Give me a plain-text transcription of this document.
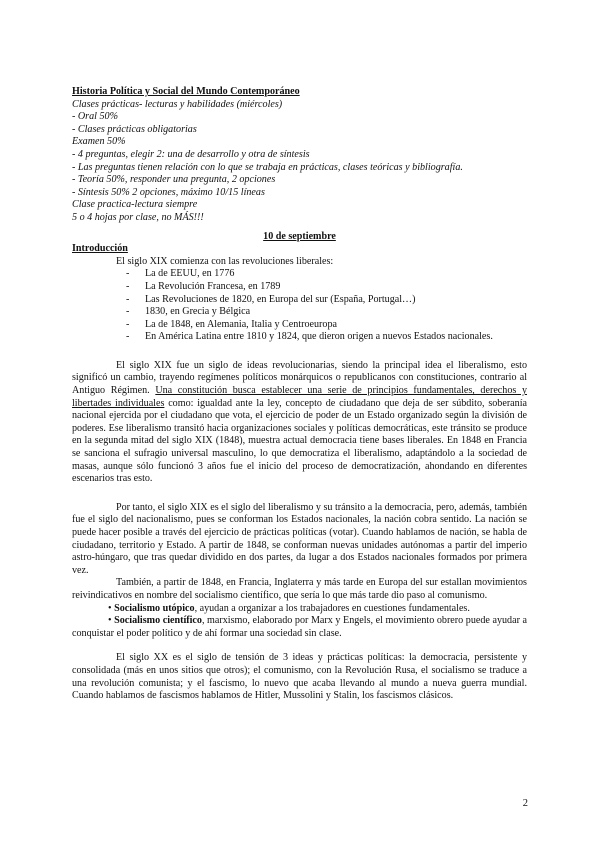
Historia Política y Social del Mundo Contemporáneo
Clases prácticas- lecturas y habilidades (miércoles)
- Oral 50%
- Clases prácticas obligatorias
Examen 50%
- 4 preguntas, elegir 2: una de desarrollo y otra de síntesis
- Las preguntas tienen relación con lo que se trabaja en prácticas, clases teóricas y bibliografía.
- Teoría 50%, responder una pregunta, 2 opciones
- Síntesis 50% 2 opciones, máximo 10/15 líneas
Clase practica-lectura siempre
5 o 4 hojas por clase, no MÁS!!!
10 de septiembre
Introducción
El siglo XIX comienza con las revoluciones liberales:
- La de EEUU, en 1776
- La Revolución Francesa, en 1789
- Las Revoluciones de 1820, en Europa del sur (España, Portugal…)
- 1830, en Grecia y Bélgica
- La de 1848, en Alemania, Italia y Centroeuropa
- En América Latina entre 1810 y 1824, que dieron origen a nuevos Estados nacionales.

El siglo XIX fue un siglo de ideas revolucionarias, siendo la principal idea el liberalismo, esto significó un cambio, trayendo regímenes políticos monárquicos o republicanos con constituciones, contrario al Antiguo Régimen. Una constitución busca establecer una serie de principios fundamentales, derechos y libertades individuales como: igualdad ante la ley, concepto de ciudadano que deja de ser súbdito, soberanía nacional ejercida por el ciudadano que vota, el ejercicio de poder de un Estado organizado según la división de poderes. Ese liberalismo transitó hacia organizaciones sociales y políticas democráticas, este tránsito se produce en la segunda mitad del siglo XIX (1848), muestra actual democracia tiene bases liberales. En 1848 en Francia se sanciona el sufragio universal masculino, lo que democratiza el liberalismo, adaptándolo a la sociedad de masas, aunque sólo funcionó 3 años fue el inicio del proceso de democratización, ahondando en diferentes escenarios tras esto.

Por tanto, el siglo XIX es el siglo del liberalismo y su tránsito a la democracia, pero, además, también fue el siglo del nacionalismo, pues se conforman los Estados nacionales, la nación cobra sentido. La nación se puede hacer posible a través del ejercicio de prácticas políticas (votar). Cuando hablamos de nación, se habla de ciudadano, territorio y Estado. A partir de 1848, se conforman nuevas unidades autónomas a partir del imperio astro-húngaro, que tras quedar dividido en dos partes, da lugar a dos Estados nacionales formados por primera vez.

También, a partir de 1848, en Francia, Inglaterra y más tarde en Europa del sur estallan movimientos reivindicativos en nombre del socialismo científico, que sería lo que más tarde dio paso al comunismo.

• Socialismo utópico, ayudan a organizar a los trabajadores en cuestiones fundamentales.

• Socialismo científico, marxismo, elaborado por Marx y Engels, el movimiento obrero puede ayudar a conquistar el poder político y de ahí formar una sociedad sin clase.

El siglo XX es el siglo de tensión de 3 ideas y prácticas políticas: la democracia, persistente y consolidada (más en unos sitios que otros); el comunismo, con la Revolución Rusa, el socialismo se traduce a una revolución comunista; y el fascismo, lo nuevo que acaba llevando al mundo a nueva guerra mundial. Cuando hablamos de fascismos hablamos de Hitler, Mussolini y Stalin, los fascismos clásicos.

2
